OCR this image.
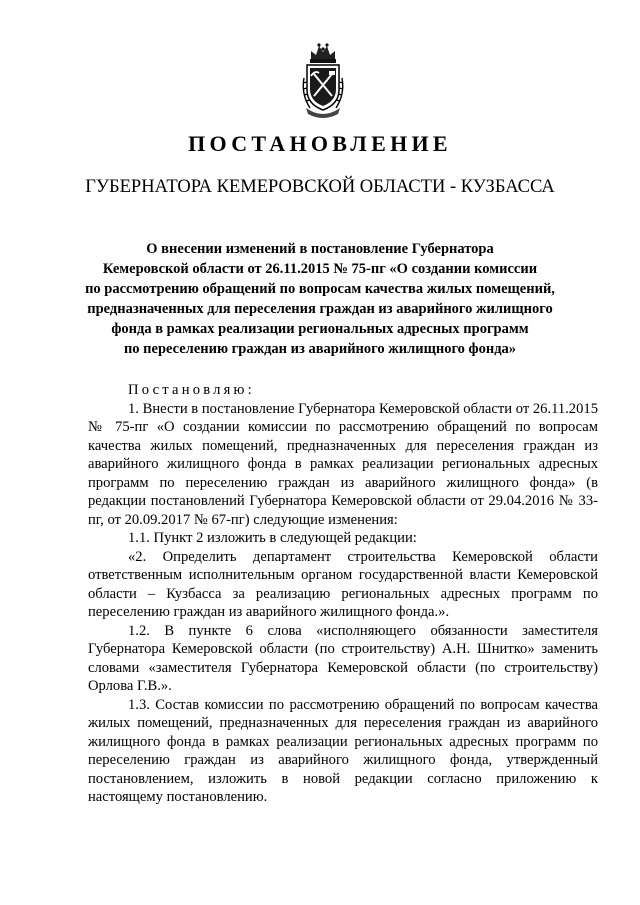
ПОСТАНОВЛЕНИЕ
ГУБЕРНАТОРА КЕМЕРОВСКОЙ ОБЛАСТИ - КУЗБАССА
О внесении изменений в постановление Губернатора
Кемеровской области от 26.11.2015 № 75-пг «О создании комиссии
по рассмотрению обращений по вопросам качества жилых помещений,
предназначенных для переселения граждан из аварийного жилищного
фонда в рамках реализации региональных адресных программ
по переселению граждан из аварийного жилищного фонда»

Постановляю:

1. Внести в постановление Губернатора Кемеровской области от 26.11.2015 № 75-пг «О создании комиссии по рассмотрению обращений по вопросам качества жилых помещений, предназначенных для переселения граждан из аварийного жилищного фонда в рамках реализации региональных адресных программ по переселению граждан из аварийного жилищного фонда» (в редакции постановлений Губернатора Кемеровской области от 29.04.2016 № 33-пг, от 20.09.2017 № 67-пг) следующие изменения:

1.1. Пункт 2 изложить в следующей редакции:

«2. Определить департамент строительства Кемеровской области ответственным исполнительным органом государственной власти Кемеровской области – Кузбасса за реализацию региональных адресных программ по переселению граждан из аварийного жилищного фонда.».

1.2. В пункте 6 слова «исполняющего обязанности заместителя Губернатора Кемеровской области (по строительству) А.Н. Шнитко» заменить словами «заместителя Губернатора Кемеровской области (по строительству) Орлова Г.В.».

1.3. Состав комиссии по рассмотрению обращений по вопросам качества жилых помещений, предназначенных для переселения граждан из аварийного жилищного фонда в рамках реализации региональных адресных программ по переселению граждан из аварийного жилищного фонда, утвержденный постановлением, изложить в новой редакции согласно приложению к настоящему постановлению.
